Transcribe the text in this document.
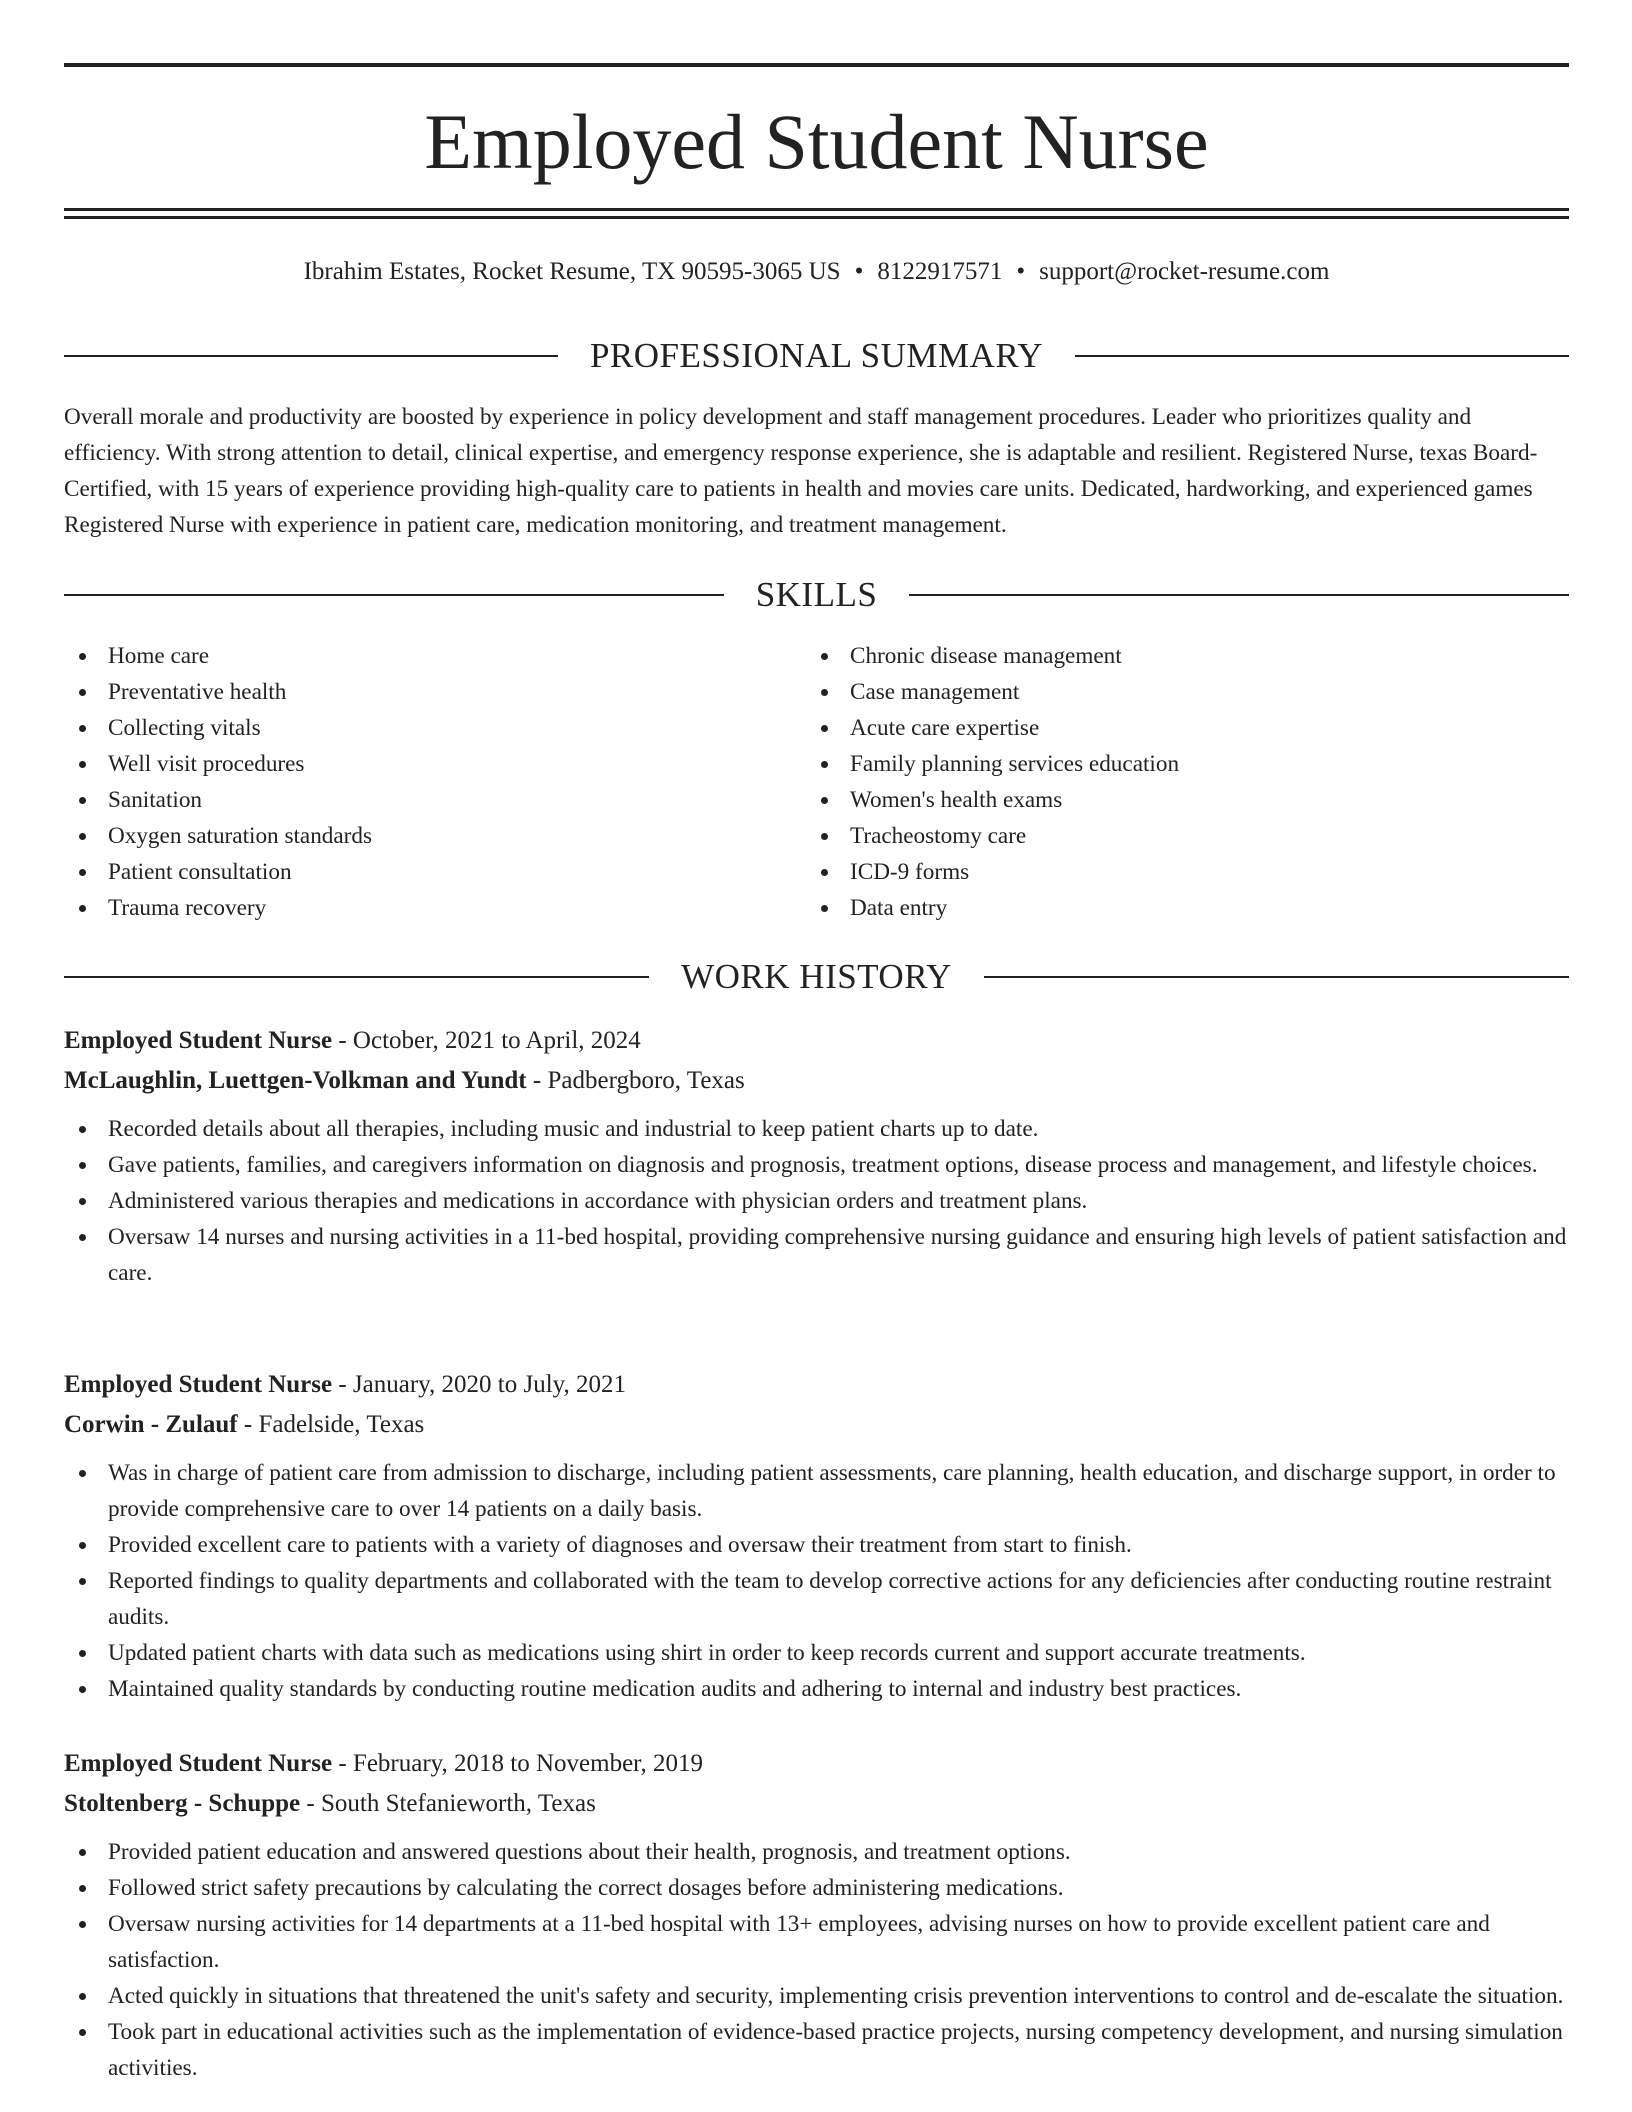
Employed Student Nurse
Ibrahim Estates, Rocket Resume, TX 90595-3065 US • 8122917571 • support@rocket-resume.com
PROFESSIONAL SUMMARY

Overall morale and productivity are boosted by experience in policy development and staff management procedures. Leader who prioritizes quality and efficiency. With strong attention to detail, clinical expertise, and emergency response experience, she is adaptable and resilient. Registered Nurse, texas Board-Certified, with 15 years of experience providing high-quality care to patients in health and movies care units. Dedicated, hardworking, and experienced games Registered Nurse with experience in patient care, medication monitoring, and treatment management.

SKILLS
Home care
Preventative health
Collecting vitals
Well visit procedures
Sanitation
Oxygen saturation standards
Patient consultation
Trauma recovery
Chronic disease management
Case management
Acute care expertise
Family planning services education
Women's health exams
Tracheostomy care
ICD-9 forms
Data entry
WORK HISTORY
Employed Student Nurse - October, 2021 to April, 2024
McLaughlin, Luettgen-Volkman and Yundt - Padbergboro, Texas
Recorded details about all therapies, including music and industrial to keep patient charts up to date.
Gave patients, families, and caregivers information on diagnosis and prognosis, treatment options, disease process and management, and lifestyle choices.
Administered various therapies and medications in accordance with physician orders and treatment plans.
Oversaw 14 nurses and nursing activities in a 11-bed hospital, providing comprehensive nursing guidance and ensuring high levels of patient satisfaction and care.
Employed Student Nurse - January, 2020 to July, 2021
Corwin - Zulauf - Fadelside, Texas
Was in charge of patient care from admission to discharge, including patient assessments, care planning, health education, and discharge support, in order to provide comprehensive care to over 14 patients on a daily basis.
Provided excellent care to patients with a variety of diagnoses and oversaw their treatment from start to finish.
Reported findings to quality departments and collaborated with the team to develop corrective actions for any deficiencies after conducting routine restraint audits.
Updated patient charts with data such as medications using shirt in order to keep records current and support accurate treatments.
Maintained quality standards by conducting routine medication audits and adhering to internal and industry best practices.
Employed Student Nurse - February, 2018 to November, 2019
Stoltenberg - Schuppe - South Stefanieworth, Texas
Provided patient education and answered questions about their health, prognosis, and treatment options.
Followed strict safety precautions by calculating the correct dosages before administering medications.
Oversaw nursing activities for 14 departments at a 11-bed hospital with 13+ employees, advising nurses on how to provide excellent patient care and satisfaction.
Acted quickly in situations that threatened the unit's safety and security, implementing crisis prevention interventions to control and de-escalate the situation.
Took part in educational activities such as the implementation of evidence-based practice projects, nursing competency development, and nursing simulation activities.
